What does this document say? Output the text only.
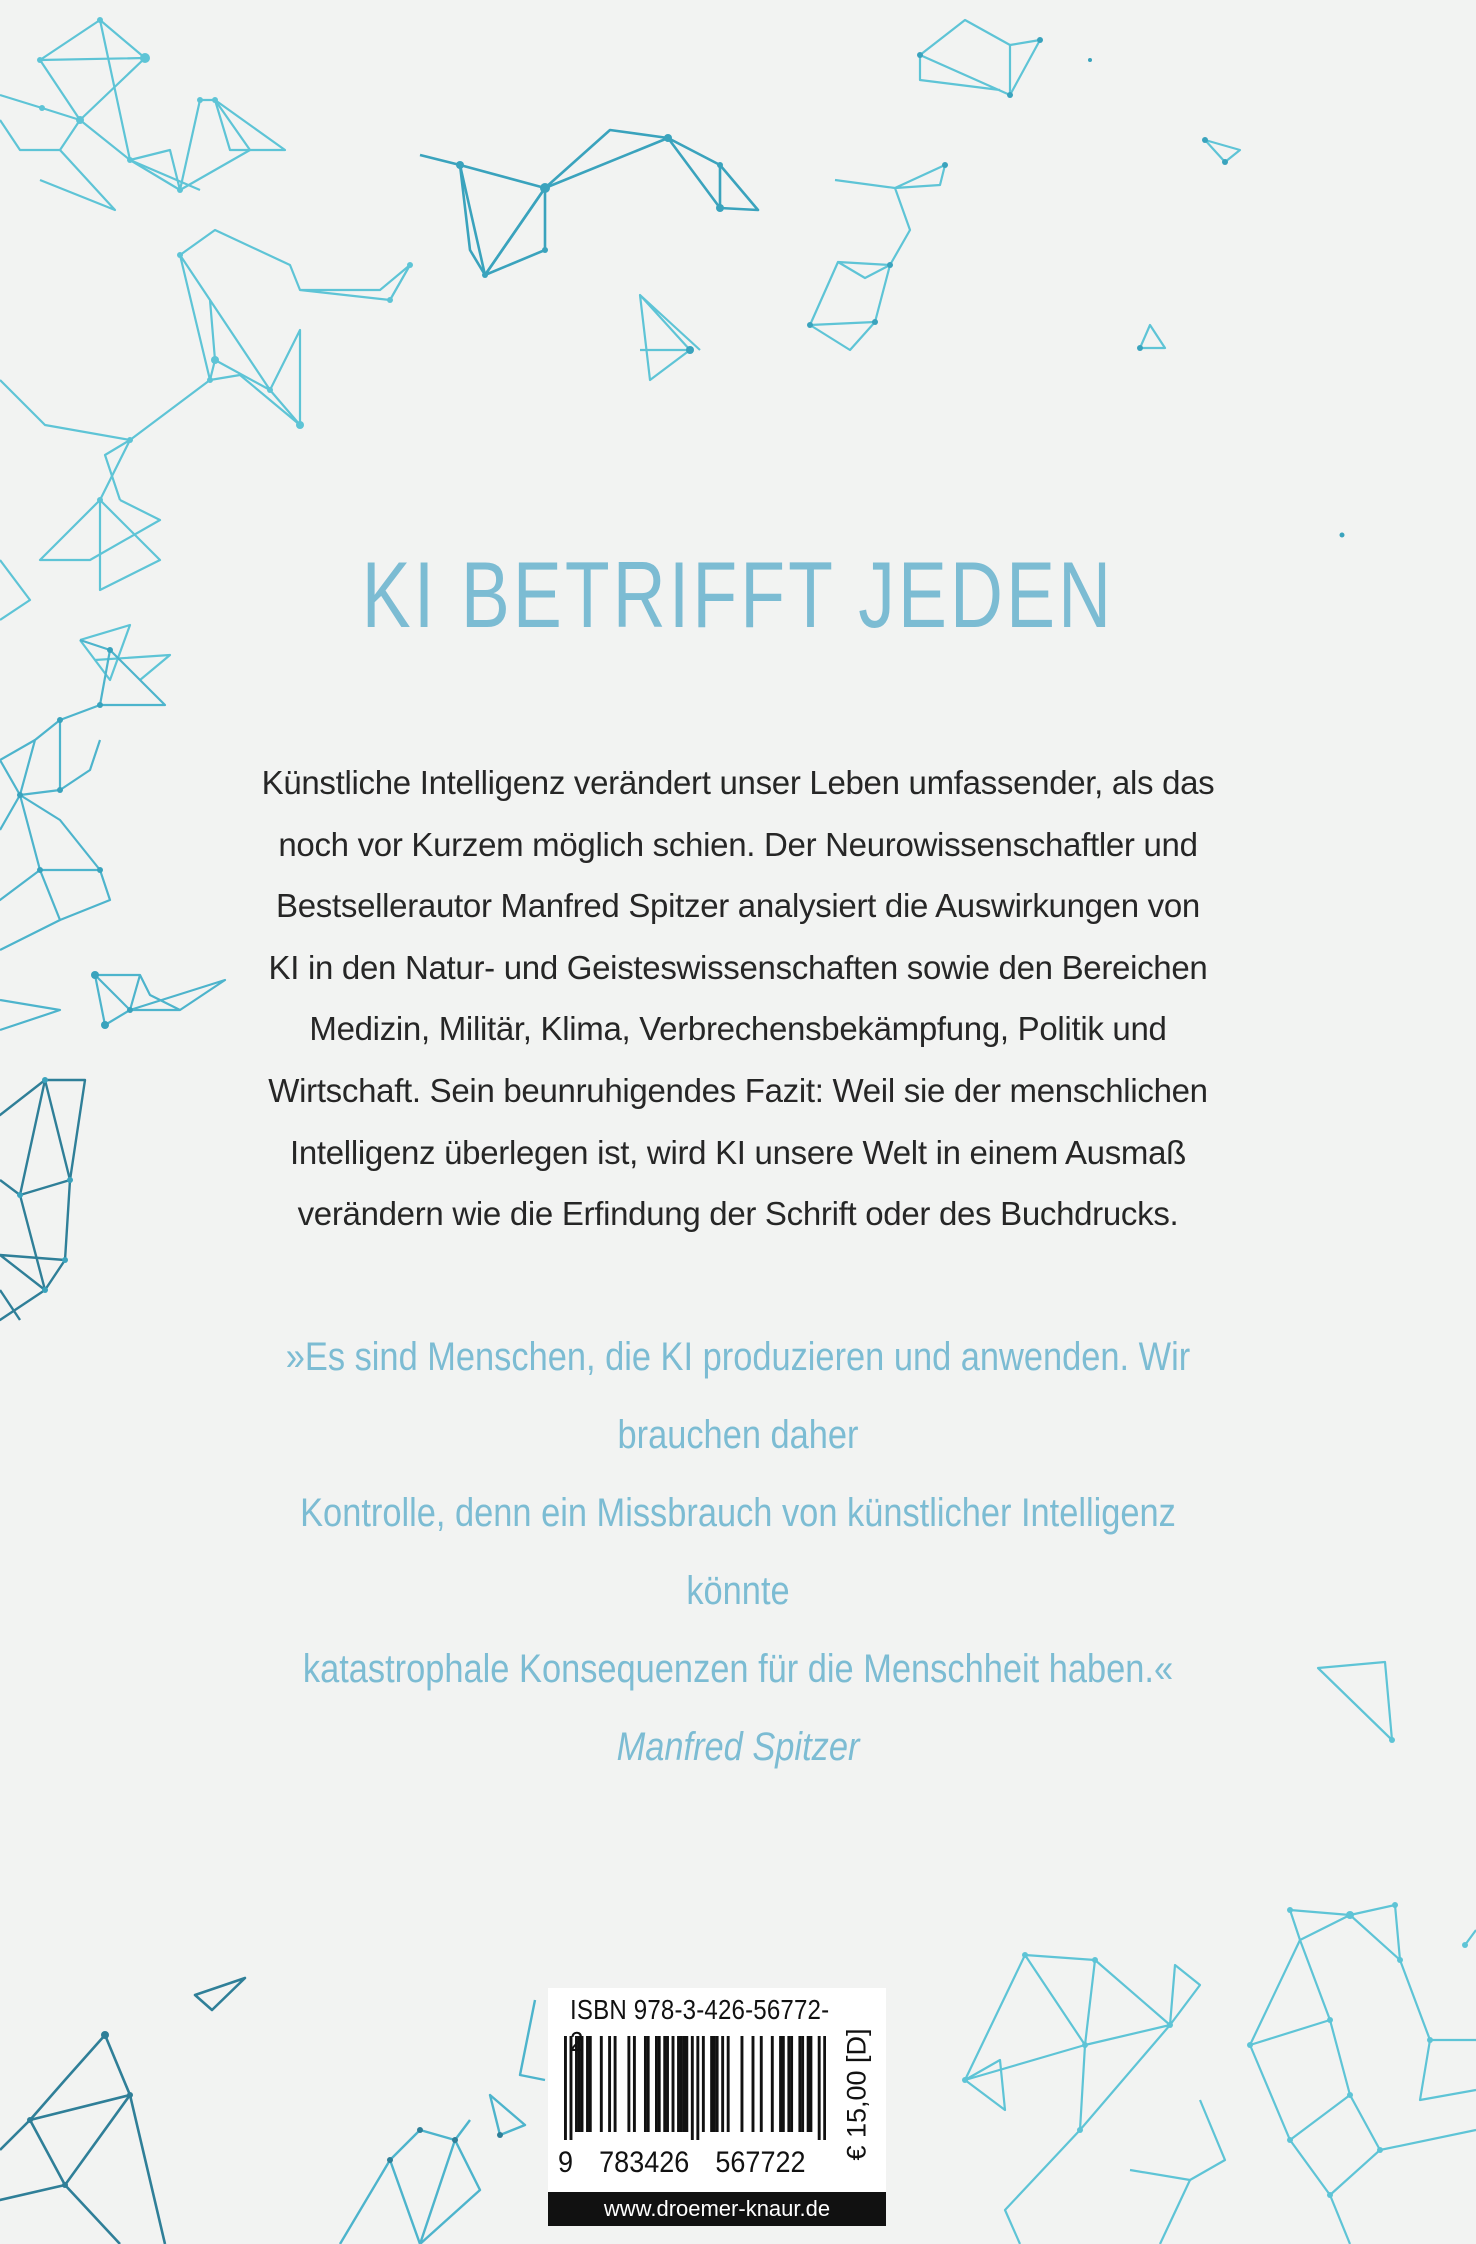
KI BETRIFFT JEDEN

Künstliche Intelligenz verändert unser Leben umfassender, als das
noch vor Kurzem möglich schien. Der Neurowissenschaftler und
Bestsellerautor Manfred Spitzer analysiert die Auswirkungen von
KI in den Natur- und Geisteswissenschaften sowie den Bereichen
Medizin, Militär, Klima, Verbrechensbekämpfung, Politik und
Wirtschaft. Sein beunruhigendes Fazit: Weil sie der menschlichen
Intelligenz überlegen ist, wird KI unsere Welt in einem Ausmaß
verändern wie die Erfindung der Schrift oder des Buchdrucks.

»Es sind Menschen, die KI produzieren und anwenden. Wir brauchen daher
Kontrolle, denn ein Missbrauch von künstlicher Intelligenz könnte
katastrophale Konsequenzen für die Menschheit haben.« Manfred Spitzer

ISBN 978-3-426-56772-
9 783426 567722
€ 15,00 [D]
www.droemer-knaur.de
